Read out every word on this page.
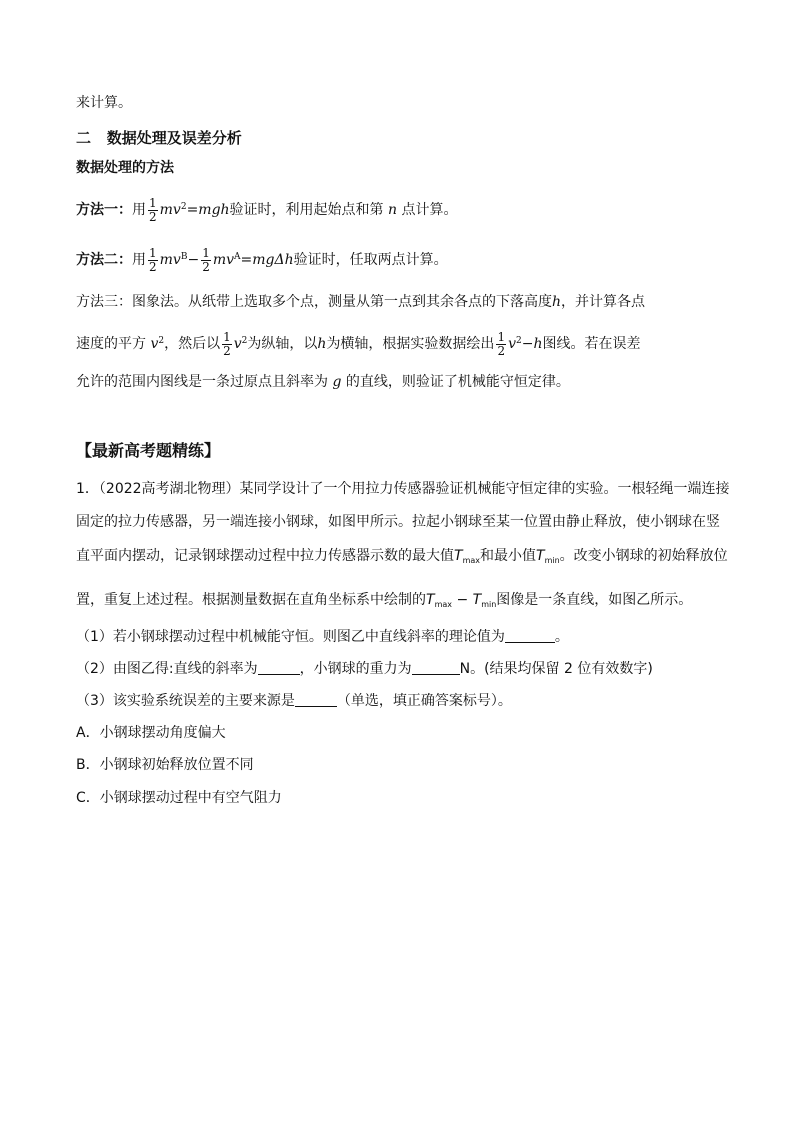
来计算。
二 数据处理及误差分析
数据处理的方法
方法一：用 $\frac{1}{2} mv^2=mgh$验证时，利用起始点和第 n 点计算。
方法二：用 $\frac{1}{2} mv^B- \frac{1}{2} mv^A=mg\Delta h$验证时，任取两点计算。
方法三：图象法。从纸带上选取多个点，测量从第一点到其余各点的下落高度h，并计算各点
速度的平方 $v^2$，然后以 $\frac{1}{2} v^2$为纵轴，以h为横轴，根据实验数据绘出 $\frac{1}{2} v^2-h$图线。若在误差
允许的范围内图线是一条过原点且斜率为 g 的直线，则验证了机械能守恒定律。
【最新高考题精练】
1．（2022高考湖北物理）某同学设计了一个用拉力传感器验证机械能守恒定律的实验。一根轻绳一端连接
固定的拉力传感器，另一端连接小钢球，如图甲所示。拉起小钢球至某一位置由静止释放，使小钢球在竖
直平面内摆动，记录钢球摆动过程中拉力传感器示数的最大值$T_{max}$和最小值$T_{min}$。改变小钢球的初始释放位
置，重复上述过程。根据测量数据在直角坐标系中绘制的$T_{max} - T_{min}$图像是一条直线，如图乙所示。
（1）若小钢球摆动过程中机械能守恒。则图乙中直线斜率的理论值为	。
（2）由图乙得:直线的斜率为	，小钢球的重力为	N。(结果均保留 2 位有效数字)
（3）该实验系统误差的主要来源是	（单选，填正确答案标号）。
A．小钢球摆动角度偏大
B．小钢球初始释放位置不同
C．小钢球摆动过程中有空气阻力
